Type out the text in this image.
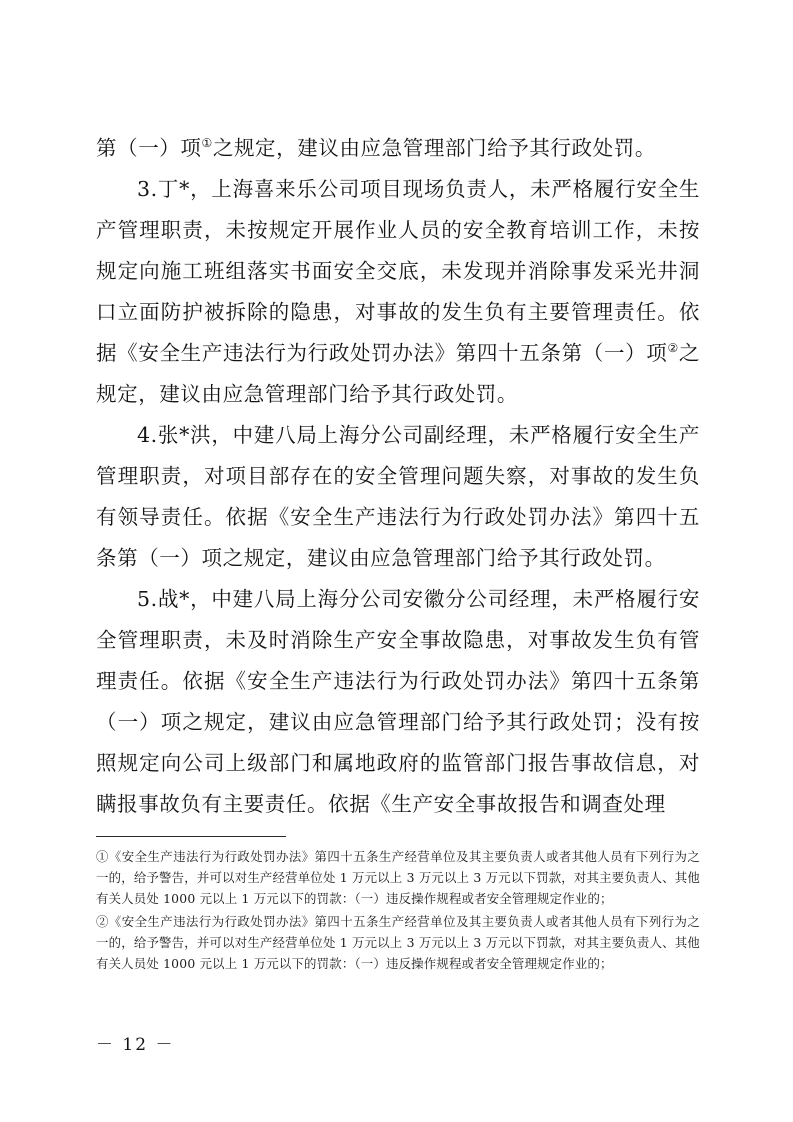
第（一）项①之规定，建议由应急管理部门给予其行政处罚。

3.丁*，上海喜来乐公司项目现场负责人，未严格履行安全生产管理职责，未按规定开展作业人员的安全教育培训工作，未按规定向施工班组落实书面安全交底，未发现并消除事发采光井洞口立面防护被拆除的隐患，对事故的发生负有主要管理责任。依据《安全生产违法行为行政处罚办法》第四十五条第（一）项②之规定，建议由应急管理部门给予其行政处罚。

4.张*洪，中建八局上海分公司副经理，未严格履行安全生产管理职责，对项目部存在的安全管理问题失察，对事故的发生负有领导责任。依据《安全生产违法行为行政处罚办法》第四十五条第（一）项之规定，建议由应急管理部门给予其行政处罚。

5.战*，中建八局上海分公司安徽分公司经理，未严格履行安全管理职责，未及时消除生产安全事故隐患，对事故发生负有管理责任。依据《安全生产违法行为行政处罚办法》第四十五条第（一）项之规定，建议由应急管理部门给予其行政处罚；没有按照规定向公司上级部门和属地政府的监管部门报告事故信息，对瞒报事故负有主要责任。依据《生产安全事故报告和调查处理

①《安全生产违法行为行政处罚办法》第四十五条生产经营单位及其主要负责人或者其他人员有下列行为之一的，给予警告，并可以对生产经营单位处 1 万元以上 3 万元以上 3 万元以下罚款，对其主要负责人、其他有关人员处 1000 元以上 1 万元以下的罚款：（一）违反操作规程或者安全管理规定作业的；

②《安全生产违法行为行政处罚办法》第四十五条生产经营单位及其主要负责人或者其他人员有下列行为之一的，给予警告，并可以对生产经营单位处 1 万元以上 3 万元以上 3 万元以下罚款，对其主要负责人、其他有关人员处 1000 元以上 1 万元以下的罚款：（一）违反操作规程或者安全管理规定作业的；

－ 12 －
